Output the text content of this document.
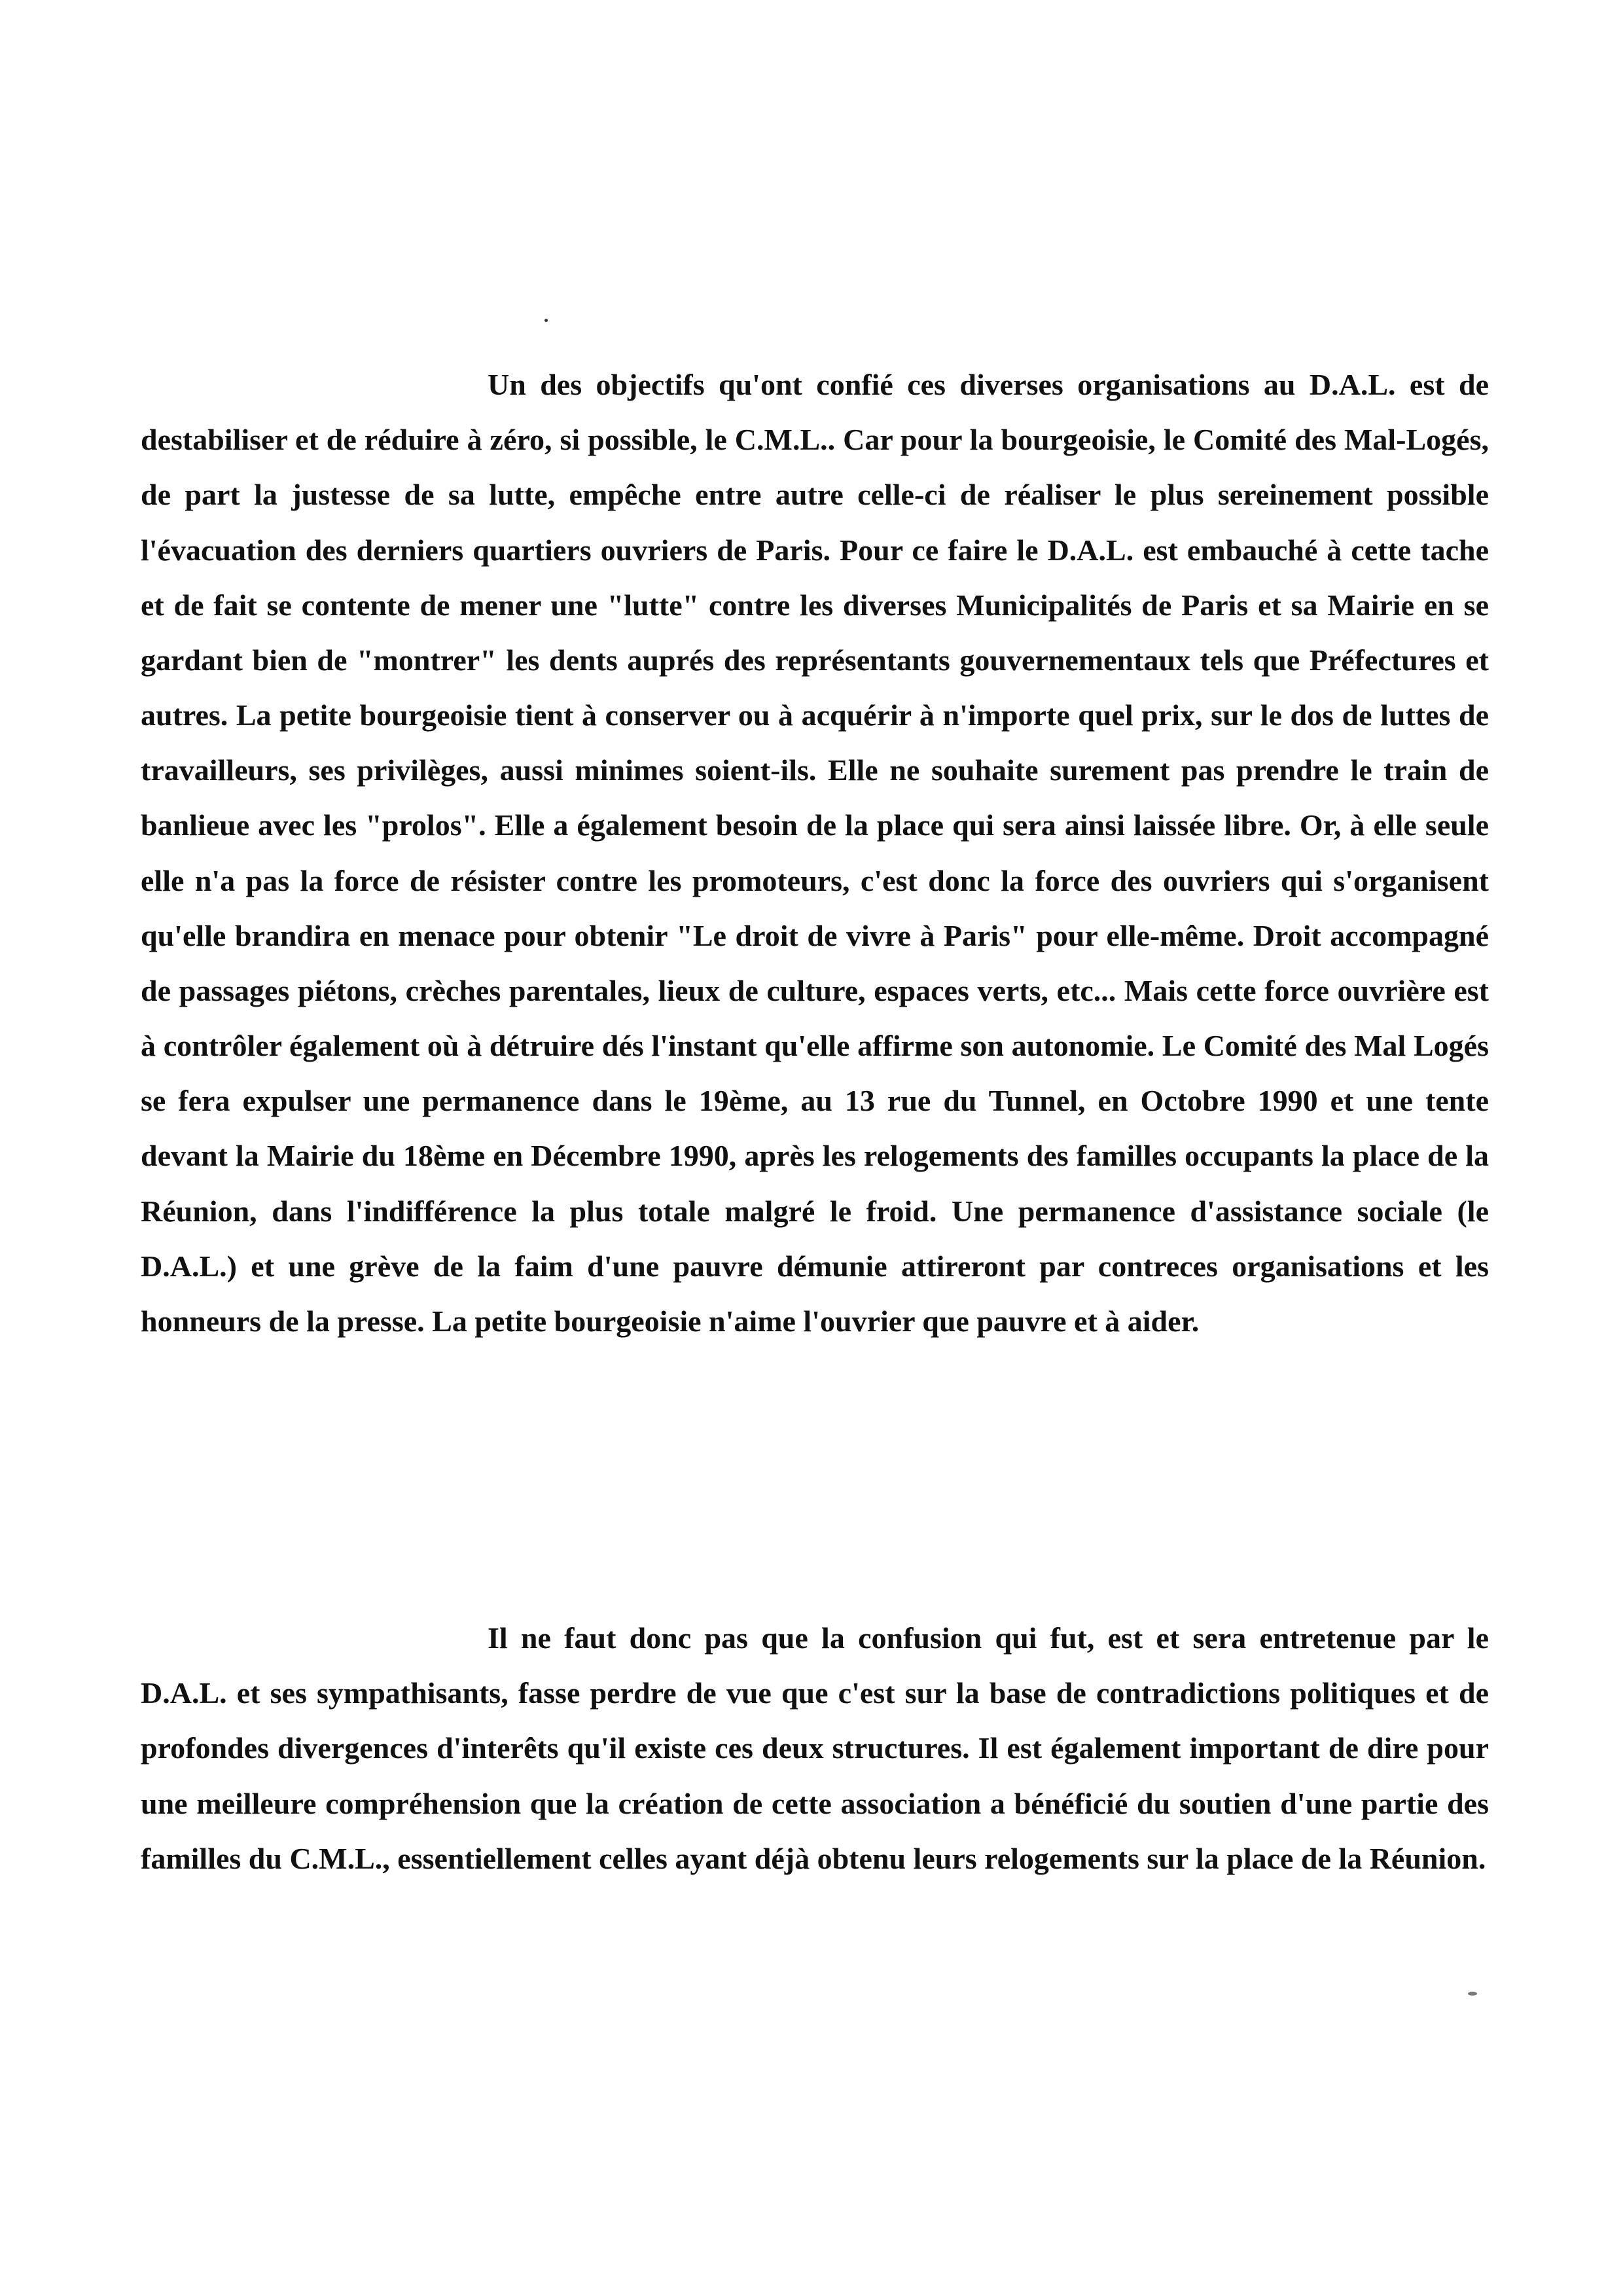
Un des objectifs qu'ont confié ces diverses organisations au D.A.L. est de destabiliser et de réduire à zéro, si possible, le C.M.L.. Car pour la bourgeoisie, le Comité des Mal-Logés, de part la justesse de sa lutte, empêche entre autre celle-ci de réaliser le plus sereinement possible l'évacuation des derniers quartiers ouvriers de Paris. Pour ce faire le D.A.L. est embauché à cette tache et de fait se contente de mener une "lutte" contre les diverses Municipalités de Paris et sa Mairie en se gardant bien de "montrer" les dents auprés des représentants gouvernementaux tels que Préfectures et autres. La petite bourgeoisie tient à conserver ou à acquérir à n'importe quel prix, sur le dos de luttes de travailleurs, ses privilèges, aussi minimes soient-ils. Elle ne souhaite surement pas prendre le train de banlieue avec les "prolos". Elle a également besoin de la place qui sera ainsi laissée libre. Or, à elle seule elle n'a pas la force de résister contre les promoteurs, c'est donc la force des ouvriers qui s'organisent qu'elle brandira en menace pour obtenir "Le droit de vivre à Paris" pour elle-même. Droit accompagné de passages piétons, crèches parentales, lieux de culture, espaces verts, etc... Mais cette force ouvrière est à contrôler également où à détruire dés l'instant qu'elle affirme son autonomie. Le Comité des Mal Logés se fera expulser une permanence dans le 19ème, au 13 rue du Tunnel, en Octobre 1990 et une tente devant la Mairie du 18ème en Décembre 1990, après les relogements des familles occupants la place de la Réunion, dans l'indifférence la plus totale malgré le froid. Une permanence d'assistance sociale (le D.A.L.) et une grève de la faim d'une pauvre démunie attireront par contreces organisations et les honneurs de la presse. La petite bourgeoisie n'aime l'ouvrier que pauvre et à aider.

Il ne faut donc pas que la confusion qui fut, est et sera entretenue par le D.A.L. et ses sympathisants, fasse perdre de vue que c'est sur la base de contradictions politiques et de profondes divergences d'interêts qu'il existe ces deux structures. Il est également important de dire pour une meilleure compréhension que la création de cette association a bénéficié du soutien d'une partie des familles du C.M.L., essentiellement celles ayant déjà obtenu leurs relogements sur la place de la Réunion.
